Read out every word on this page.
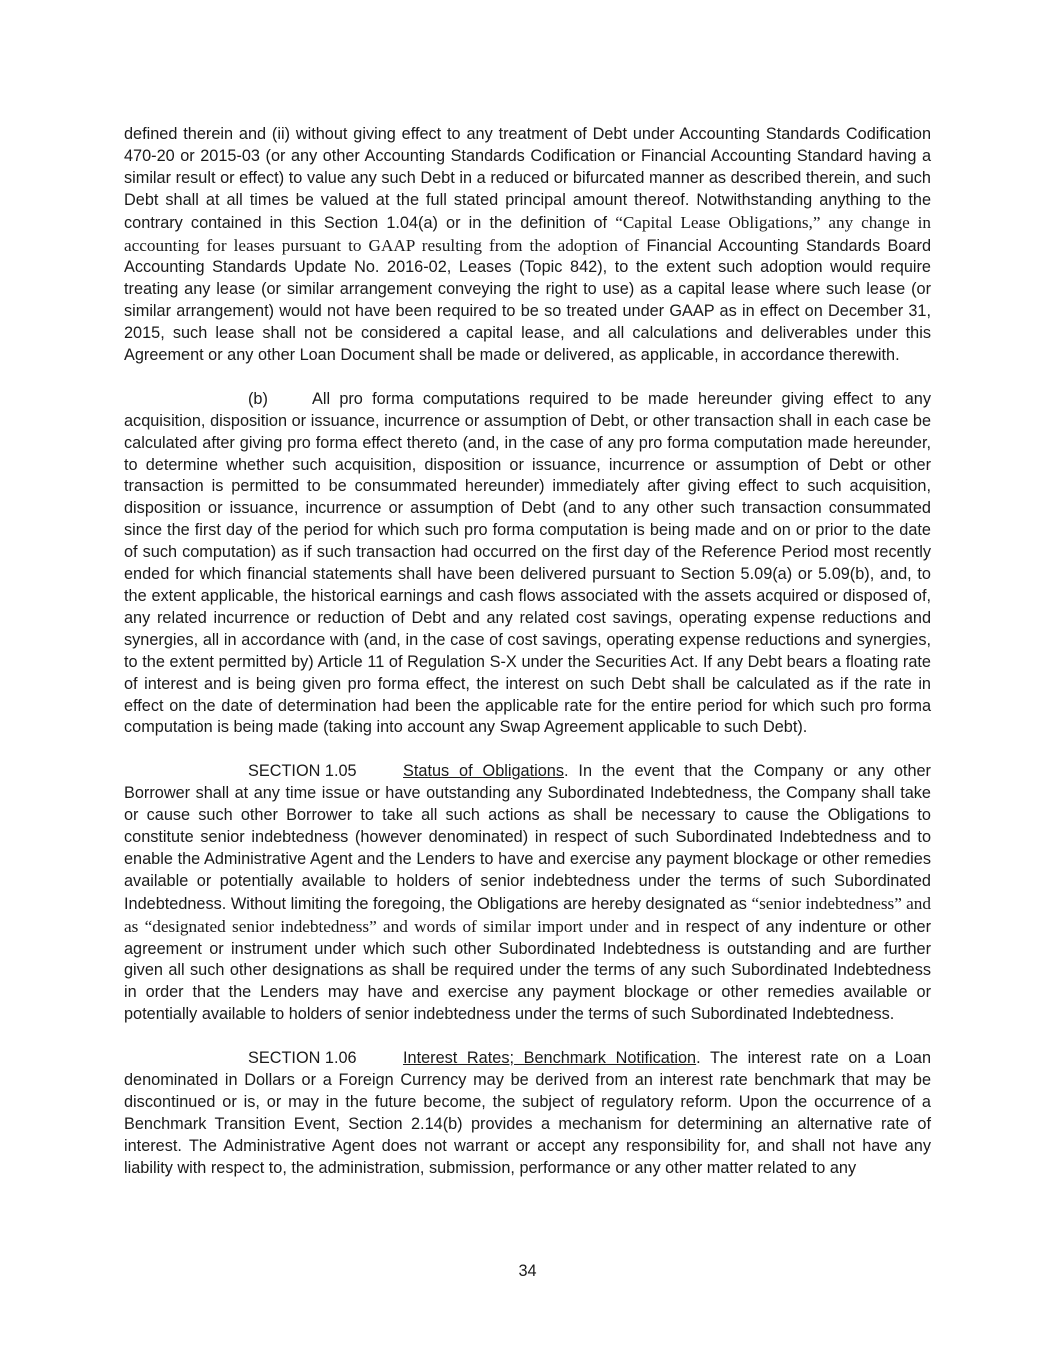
defined therein and (ii) without giving effect to any treatment of Debt under Accounting Standards Codification 470-20 or 2015-03 (or any other Accounting Standards Codification or Financial Accounting Standard having a similar result or effect) to value any such Debt in a reduced or bifurcated manner as described therein, and such Debt shall at all times be valued at the full stated principal amount thereof. Notwithstanding anything to the contrary contained in this Section 1.04(a) or in the definition of “Capital Lease Obligations,” any change in accounting for leases pursuant to GAAP resulting from the adoption of Financial Accounting Standards Board Accounting Standards Update No. 2016-02, Leases (Topic 842), to the extent such adoption would require treating any lease (or similar arrangement conveying the right to use) as a capital lease where such lease (or similar arrangement) would not have been required to be so treated under GAAP as in effect on December 31, 2015, such lease shall not be considered a capital lease, and all calculations and deliverables under this Agreement or any other Loan Document shall be made or delivered, as applicable, in accordance therewith.

(b)	All pro forma computations required to be made hereunder giving effect to any acquisition, disposition or issuance, incurrence or assumption of Debt, or other transaction shall in each case be calculated after giving pro forma effect thereto (and, in the case of any pro forma computation made hereunder, to determine whether such acquisition, disposition or issuance, incurrence or assumption of Debt or other transaction is permitted to be consummated hereunder) immediately after giving effect to such acquisition, disposition or issuance, incurrence or assumption of Debt (and to any other such transaction consummated since the first day of the period for which such pro forma computation is being made and on or prior to the date of such computation) as if such transaction had occurred on the first day of the Reference Period most recently ended for which financial statements shall have been delivered pursuant to Section 5.09(a) or 5.09(b), and, to the extent applicable, the historical earnings and cash flows associated with the assets acquired or disposed of, any related incurrence or reduction of Debt and any related cost savings, operating expense reductions and synergies, all in accordance with (and, in the case of cost savings, operating expense reductions and synergies, to the extent permitted by) Article 11 of Regulation S-X under the Securities Act. If any Debt bears a floating rate of interest and is being given pro forma effect, the interest on such Debt shall be calculated as if the rate in effect on the date of determination had been the applicable rate for the entire period for which such pro forma computation is being made (taking into account any Swap Agreement applicable to such Debt).

SECTION 1.05	Status of Obligations. In the event that the Company or any other Borrower shall at any time issue or have outstanding any Subordinated Indebtedness, the Company shall take or cause such other Borrower to take all such actions as shall be necessary to cause the Obligations to constitute senior indebtedness (however denominated) in respect of such Subordinated Indebtedness and to enable the Administrative Agent and the Lenders to have and exercise any payment blockage or other remedies available or potentially available to holders of senior indebtedness under the terms of such Subordinated Indebtedness. Without limiting the foregoing, the Obligations are hereby designated as “senior indebtedness” and as “designated senior indebtedness” and words of similar import under and in respect of any indenture or other agreement or instrument under which such other Subordinated Indebtedness is outstanding and are further given all such other designations as shall be required under the terms of any such Subordinated Indebtedness in order that the Lenders may have and exercise any payment blockage or other remedies available or potentially available to holders of senior indebtedness under the terms of such Subordinated Indebtedness.

SECTION 1.06	Interest Rates; Benchmark Notification. The interest rate on a Loan denominated in Dollars or a Foreign Currency may be derived from an interest rate benchmark that may be discontinued or is, or may in the future become, the subject of regulatory reform. Upon the occurrence of a Benchmark Transition Event, Section 2.14(b) provides a mechanism for determining an alternative rate of interest. The Administrative Agent does not warrant or accept any responsibility for, and shall not have any liability with respect to, the administration, submission, performance or any other matter related to any

34
